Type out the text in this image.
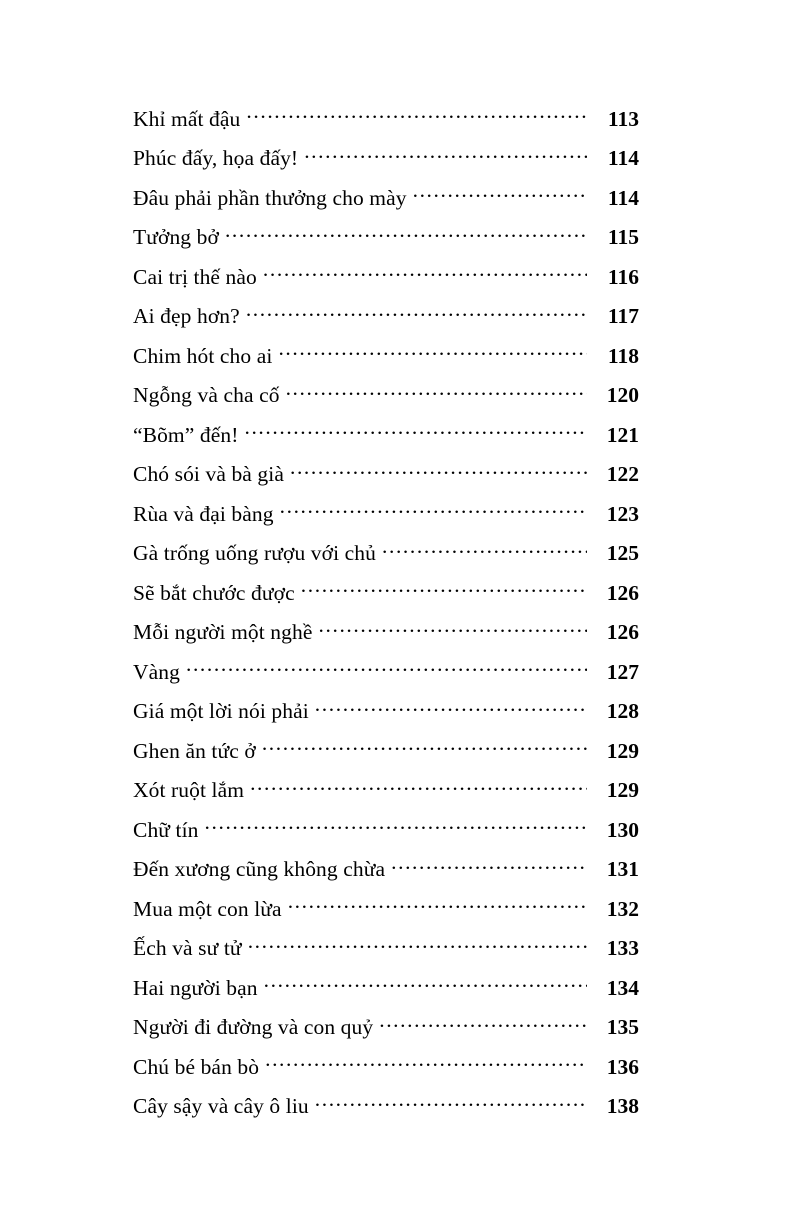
Khỉ mất đậu .....	113
Phúc đấy, họa đấy! .....	114
Đâu phải phần thưởng cho mày .....	114
Tưởng bở .....	115
Cai trị thế nào .....	116
Ai đẹp hơn? .....	117
Chim hót cho ai .....	118
Ngỗng và cha cố .....	120
“Bõm” đến! .....	121
Chó sói và bà già .....	122
Rùa và đại bàng .....	123
Gà trống uống rượu với chủ .....	125
Sẽ bắt chước được .....	126
Mỗi người một nghề .....	126
Vàng .....	127
Giá một lời nói phải .....	128
Ghen ăn tức ở .....	129
Xót ruột lắm .....	129
Chữ tín .....	130
Đến xương cũng không chừa .....	131
Mua một con lừa .....	132
Ếch và sư tử .....	133
Hai người bạn .....	134
Người đi đường và con quỷ .....	135
Chú bé bán bò .....	136
Cây sậy và cây ô liu .....	138
